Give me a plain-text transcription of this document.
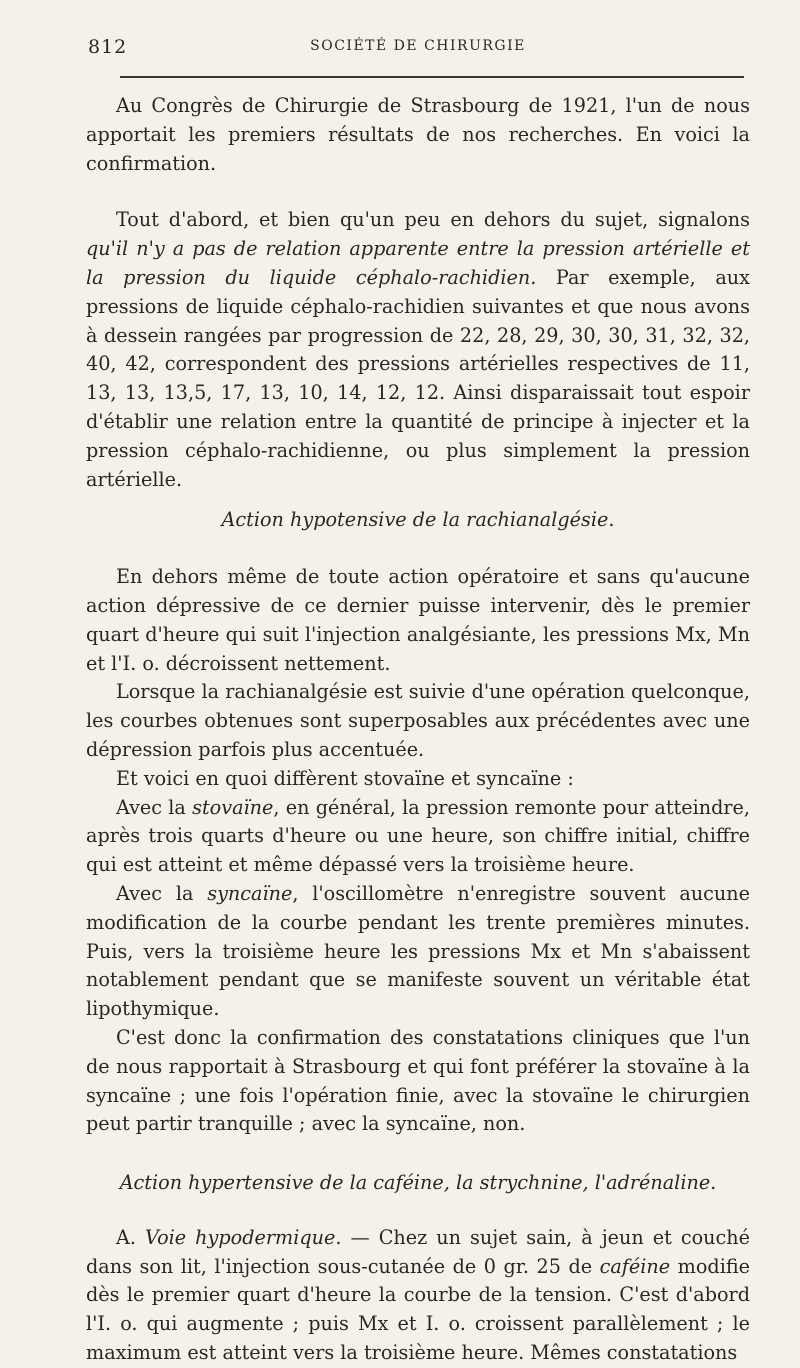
812	SOCIÉTÉ DE CHIRURGIE

Au Congrès de Chirurgie de Strasbourg de 1921, l'un de nous apportait les premiers résultats de nos recherches. En voici la confirmation.

Tout d'abord, et bien qu'un peu en dehors du sujet, signalons qu'il n'y a pas de relation apparente entre la pression artérielle et la pression du liquide céphalo-rachidien. Par exemple, aux pressions de liquide céphalo-rachidien suivantes et que nous avons à dessein rangées par progression de 22, 28, 29, 30, 30, 31, 32, 32, 40, 42, correspondent des pressions artérielles respectives de 11, 13, 13, 13,5, 17, 13, 10, 14, 12, 12. Ainsi disparaissait tout espoir d'établir une relation entre la quantité de principe à injecter et la pression céphalo-rachidienne, ou plus simplement la pression artérielle.

Action hypotensive de la rachianalgésie.

En dehors même de toute action opératoire et sans qu'aucune action dépressive de ce dernier puisse intervenir, dès le premier quart d'heure qui suit l'injection analgésiante, les pressions Mx, Mn et l'I. o. décroissent nettement.

Lorsque la rachianalgésie est suivie d'une opération quelconque, les courbes obtenues sont superposables aux précédentes avec une dépression parfois plus accentuée.

Et voici en quoi diffèrent stovaïne et syncaïne :

Avec la stovaïne, en général, la pression remonte pour atteindre, après trois quarts d'heure ou une heure, son chiffre initial, chiffre qui est atteint et même dépassé vers la troisième heure.

Avec la syncaïne, l'oscillomètre n'enregistre souvent aucune modification de la courbe pendant les trente premières minutes. Puis, vers la troisième heure les pressions Mx et Mn s'abaissent notablement pendant que se manifeste souvent un véritable état lipothymique.

C'est donc la confirmation des constatations cliniques que l'un de nous rapportait à Strasbourg et qui font préférer la stovaïne à la syncaïne ; une fois l'opération finie, avec la stovaïne le chirurgien peut partir tranquille ; avec la syncaïne, non.

Action hypertensive de la caféine, la strychnine, l'adrénaline.

A. Voie hypodermique. — Chez un sujet sain, à jeun et couché dans son lit, l'injection sous-cutanée de 0 gr. 25 de caféine modifie dès le premier quart d'heure la courbe de la tension. C'est d'abord l'I. o. qui augmente ; puis Mx et I. o. croissent parallèlement ; le maximum est atteint vers la troisième heure. Mêmes constatations
